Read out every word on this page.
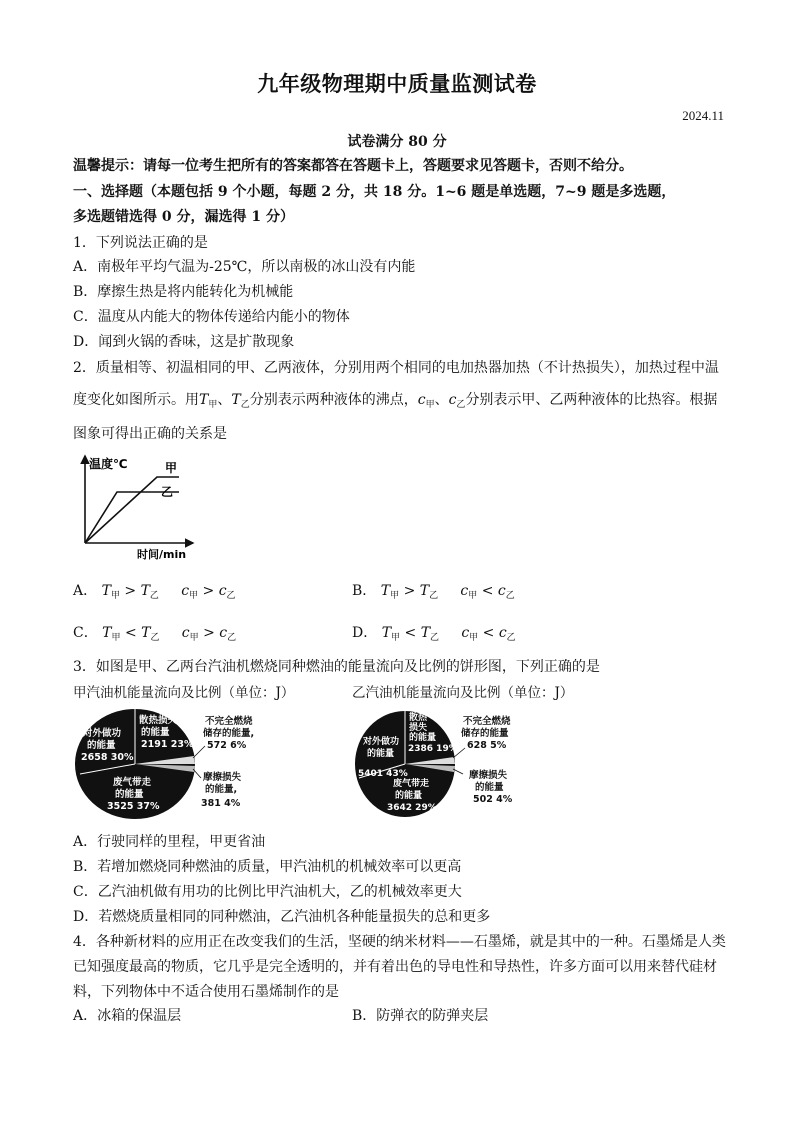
九年级物理期中质量监测试卷
2024.11
试卷满分 80 分
温馨提示：请每一位考生把所有的答案都答在答题卡上，答题要求见答题卡，否则不给分。
一、选择题（本题包括 9 个小题，每题 2 分，共 18 分。1~6 题是单选题，7~9 题是多选题，
多选题错选得 0 分，漏选得 1 分）
1．下列说法正确的是
A．南极年平均气温为-25℃，所以南极的冰山没有内能
B．摩擦生热是将内能转化为机械能
C．温度从内能大的物体传递给内能小的物体
D．闻到火锅的香味，这是扩散现象
2．质量相等、初温相同的甲、乙两液体，分别用两个相同的电加热器加热（不计热损失），加热过程中温
度变化如图所示。用$T_甲$、$T_乙$分别表示两种液体的沸点，$c_甲$、$c_乙$分别表示甲、乙两种液体的比热容。根据
图象可得出正确的关系是
温度℃	甲
乙
时间/min
A． $T_甲 > T_乙$ $c_甲 > c_乙$	B． $T_甲 > T_乙$ $c_甲 < c_乙$
C． $T_甲 < T_乙$ $c_甲 > c_乙$	D． $T_甲 < T_乙$ $c_甲 < c_乙$
3．如图是甲、乙两台汽油机燃烧同种燃油的能量流向及比例的饼形图，下列正确的是
甲汽油机能量流向及比例（单位：J）	乙汽油机能量流向及比例（单位：J）
对外做功
的能量
2658 30%
散热损失
的能量
2191 23%
废气带走
的能量
3525 37%
不完全燃烧
储存的能量,
572 6%
摩擦损失
的能量,
381 4%
对外做功
的能量
5401 43%
散热
损失
的能量
2386 19%
废气带走
的能量
3642 29%
不完全燃烧
储存的能量
628 5%
摩擦损失
的能量
502 4%
A．行驶同样的里程，甲更省油
B．若增加燃烧同种燃油的质量，甲汽油机的机械效率可以更高
C．乙汽油机做有用功的比例比甲汽油机大，乙的机械效率更大
D．若燃烧质量相同的同种燃油，乙汽油机各种能量损失的总和更多
4．各种新材料的应用正在改变我们的生活，坚硬的纳米材料——石墨烯，就是其中的一种。石墨烯是人类
已知强度最高的物质，它几乎是完全透明的，并有着出色的导电性和导热性，许多方面可以用来替代硅材
料，下列物体中不适合使用石墨烯制作的是
A．冰箱的保温层	B．防弹衣的防弹夹层
